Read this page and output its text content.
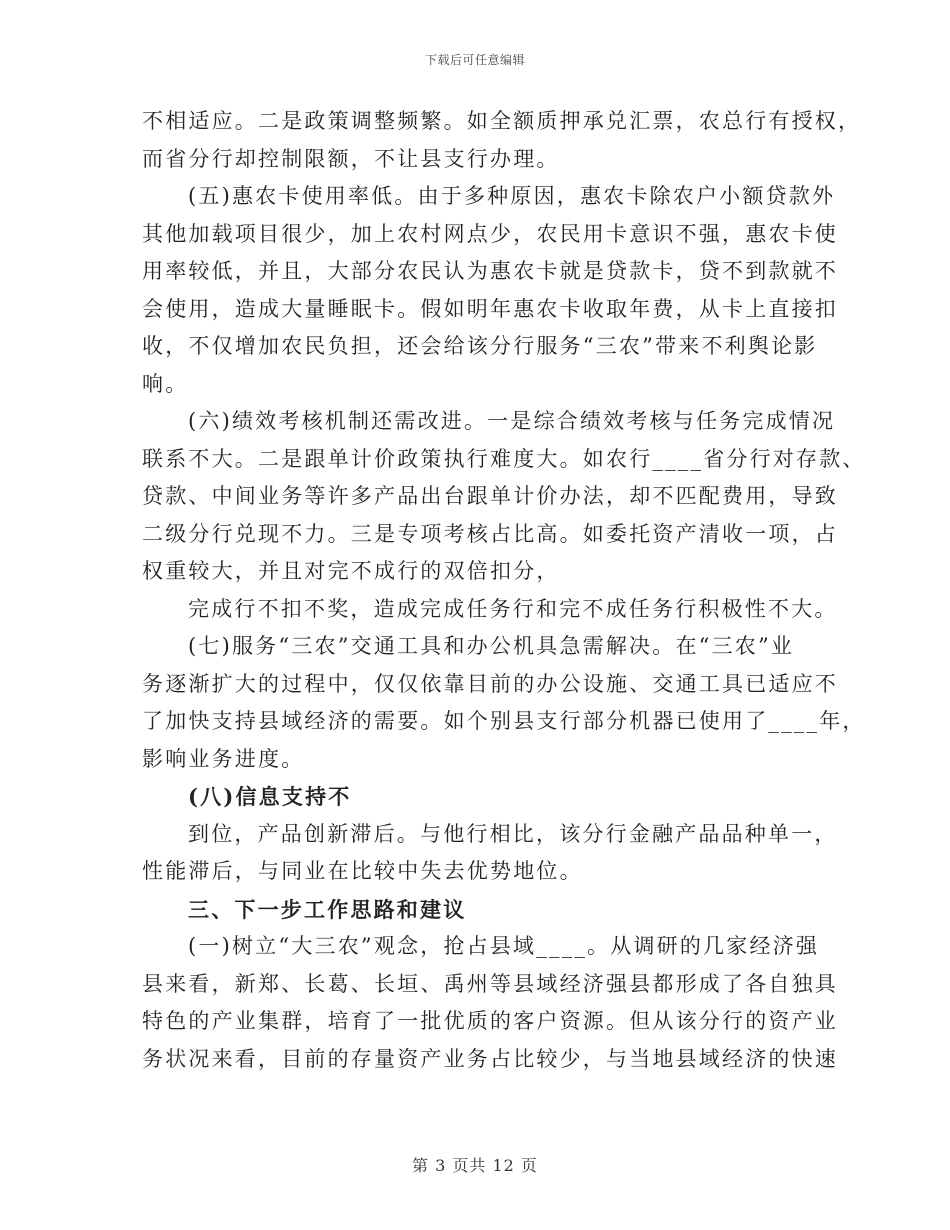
下载后可任意编辑

不相适应。二是政策调整频繁。如全额质押承兑汇票，农总行有授权，

而省分行却控制限额，不让县支行办理。

(五)惠农卡使用率低。由于多种原因，惠农卡除农户小额贷款外

其他加载项目很少，加上农村网点少，农民用卡意识不强，惠农卡使

用率较低，并且，大部分农民认为惠农卡就是贷款卡，贷不到款就不

会使用，造成大量睡眠卡。假如明年惠农卡收取年费，从卡上直接扣

收，不仅增加农民负担，还会给该分行服务“三农”带来不利舆论影

响。

(六)绩效考核机制还需改进。一是综合绩效考核与任务完成情况

联系不大。二是跟单计价政策执行难度大。如农行____省分行对存款、

贷款、中间业务等许多产品出台跟单计价办法，却不匹配费用，导致

二级分行兑现不力。三是专项考核占比高。如委托资产清收一项，占

权重较大，并且对完不成行的双倍扣分，

完成行不扣不奖，造成完成任务行和完不成任务行积极性不大。

(七)服务“三农”交通工具和办公机具急需解决。在“三农”业

务逐渐扩大的过程中，仅仅依靠目前的办公设施、交通工具已适应不

了加快支持县域经济的需要。如个别县支行部分机器已使用了____年，

影响业务进度。

(八)信息支持不

到位，产品创新滞后。与他行相比，该分行金融产品品种单一，

性能滞后，与同业在比较中失去优势地位。

三、下一步工作思路和建议

(一)树立“大三农”观念，抢占县域____。从调研的几家经济强

县来看，新郑、长葛、长垣、禹州等县域经济强县都形成了各自独具

特色的产业集群，培育了一批优质的客户资源。但从该分行的资产业

务状况来看，目前的存量资产业务占比较少，与当地县域经济的快速

第 3 页共 12 页
